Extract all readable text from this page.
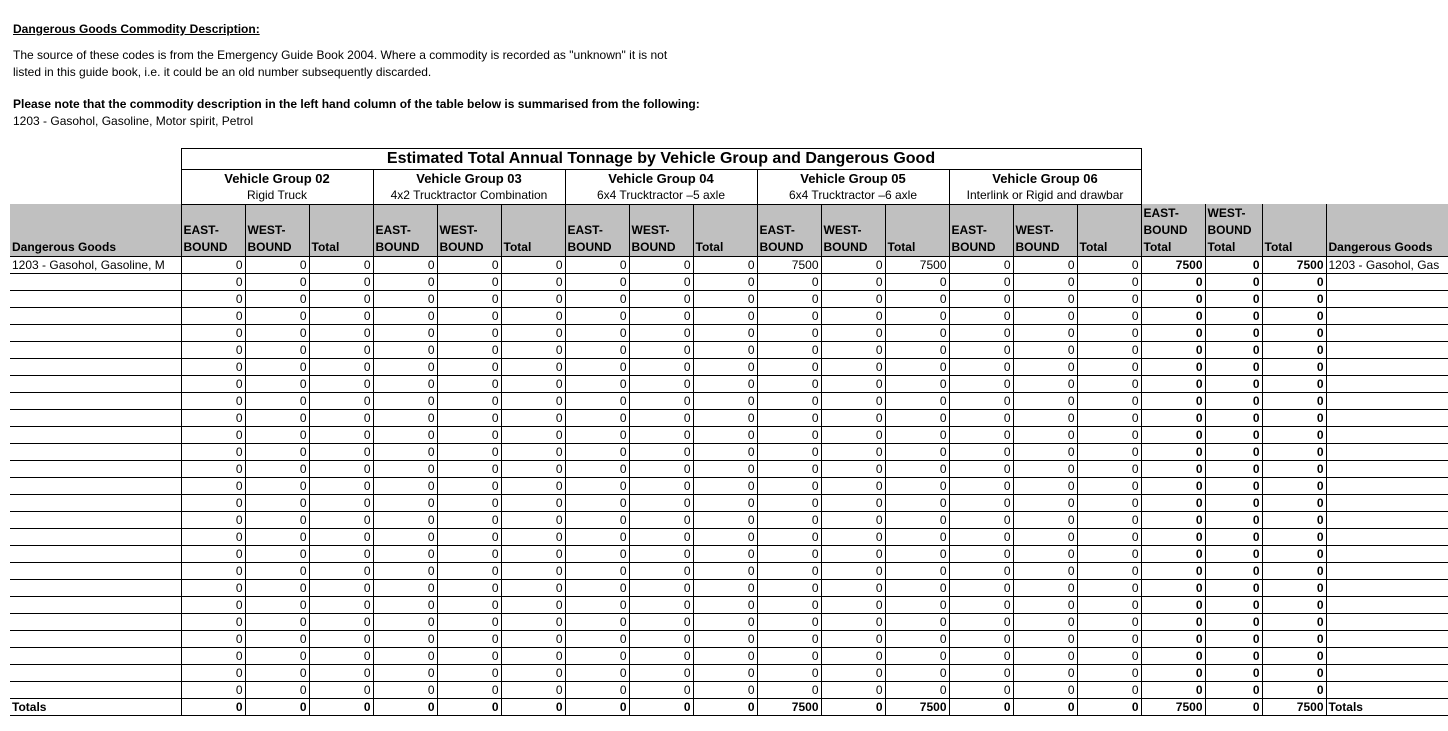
Dangerous Goods Commodity Description:

The source of these codes is from the Emergency Guide Book 2004. Where a commodity is recorded as "unknown" it is not

listed in this guide book, i.e. it could be an old number subsequently discarded.

Please note that the commodity description in the left hand column of the table below is summarised from the following:

1203 - Gasohol, Gasoline, Motor spirit, Petrol

	Estimated Total Annual Tonnage by Vehicle Group and Dangerous Good																		
	Vehicle Group 02			Vehicle Group 03			Vehicle Group 04			Vehicle Group 05			Vehicle Group 06						
	Rigid Truck			4x2 Trucktractor Combination			6x4 Trucktractor –5 axle			6x4 Trucktractor –6 axle			Interlink or Rigid and drawbar						
Dangerous Goods	EAST- BOUND	WEST- BOUND	Total	EAST- BOUND	WEST- BOUND	Total	EAST- BOUND	WEST- BOUND	Total	EAST- BOUND	WEST- BOUND	Total	EAST- BOUND	WEST- BOUND	Total	EAST- BOUND Total	WEST- BOUND Total	Total	Dangerous Goods
1203 - Gasohol, Gasoline, M	0	0	0	0	0	0	0	0	0	7500	0	7500	0	0	0	7500	0	7500	1203 - Gasohol, Gas
	0	0	0	0	0	0	0	0	0	0	0	0	0	0	0	0	0	0	
	0	0	0	0	0	0	0	0	0	0	0	0	0	0	0	0	0	0	
	0	0	0	0	0	0	0	0	0	0	0	0	0	0	0	0	0	0	
	0	0	0	0	0	0	0	0	0	0	0	0	0	0	0	0	0	0	
	0	0	0	0	0	0	0	0	0	0	0	0	0	0	0	0	0	0	
	0	0	0	0	0	0	0	0	0	0	0	0	0	0	0	0	0	0	
	0	0	0	0	0	0	0	0	0	0	0	0	0	0	0	0	0	0	
	0	0	0	0	0	0	0	0	0	0	0	0	0	0	0	0	0	0	
	0	0	0	0	0	0	0	0	0	0	0	0	0	0	0	0	0	0	
	0	0	0	0	0	0	0	0	0	0	0	0	0	0	0	0	0	0	
	0	0	0	0	0	0	0	0	0	0	0	0	0	0	0	0	0	0	
	0	0	0	0	0	0	0	0	0	0	0	0	0	0	0	0	0	0	
	0	0	0	0	0	0	0	0	0	0	0	0	0	0	0	0	0	0	
	0	0	0	0	0	0	0	0	0	0	0	0	0	0	0	0	0	0	
	0	0	0	0	0	0	0	0	0	0	0	0	0	0	0	0	0	0	
	0	0	0	0	0	0	0	0	0	0	0	0	0	0	0	0	0	0	
	0	0	0	0	0	0	0	0	0	0	0	0	0	0	0	0	0	0	
	0	0	0	0	0	0	0	0	0	0	0	0	0	0	0	0	0	0	
	0	0	0	0	0	0	0	0	0	0	0	0	0	0	0	0	0	0	
	0	0	0	0	0	0	0	0	0	0	0	0	0	0	0	0	0	0	
	0	0	0	0	0	0	0	0	0	0	0	0	0	0	0	0	0	0	
	0	0	0	0	0	0	0	0	0	0	0	0	0	0	0	0	0	0	
	0	0	0	0	0	0	0	0	0	0	0	0	0	0	0	0	0	0	
	0	0	0	0	0	0	0	0	0	0	0	0	0	0	0	0	0	0	
	0	0	0	0	0	0	0	0	0	0	0	0	0	0	0	0	0	0	
Totals	0	0	0	0	0	0	0	0	0	7500	0	7500	0	0	0	7500	0	7500	Totals
